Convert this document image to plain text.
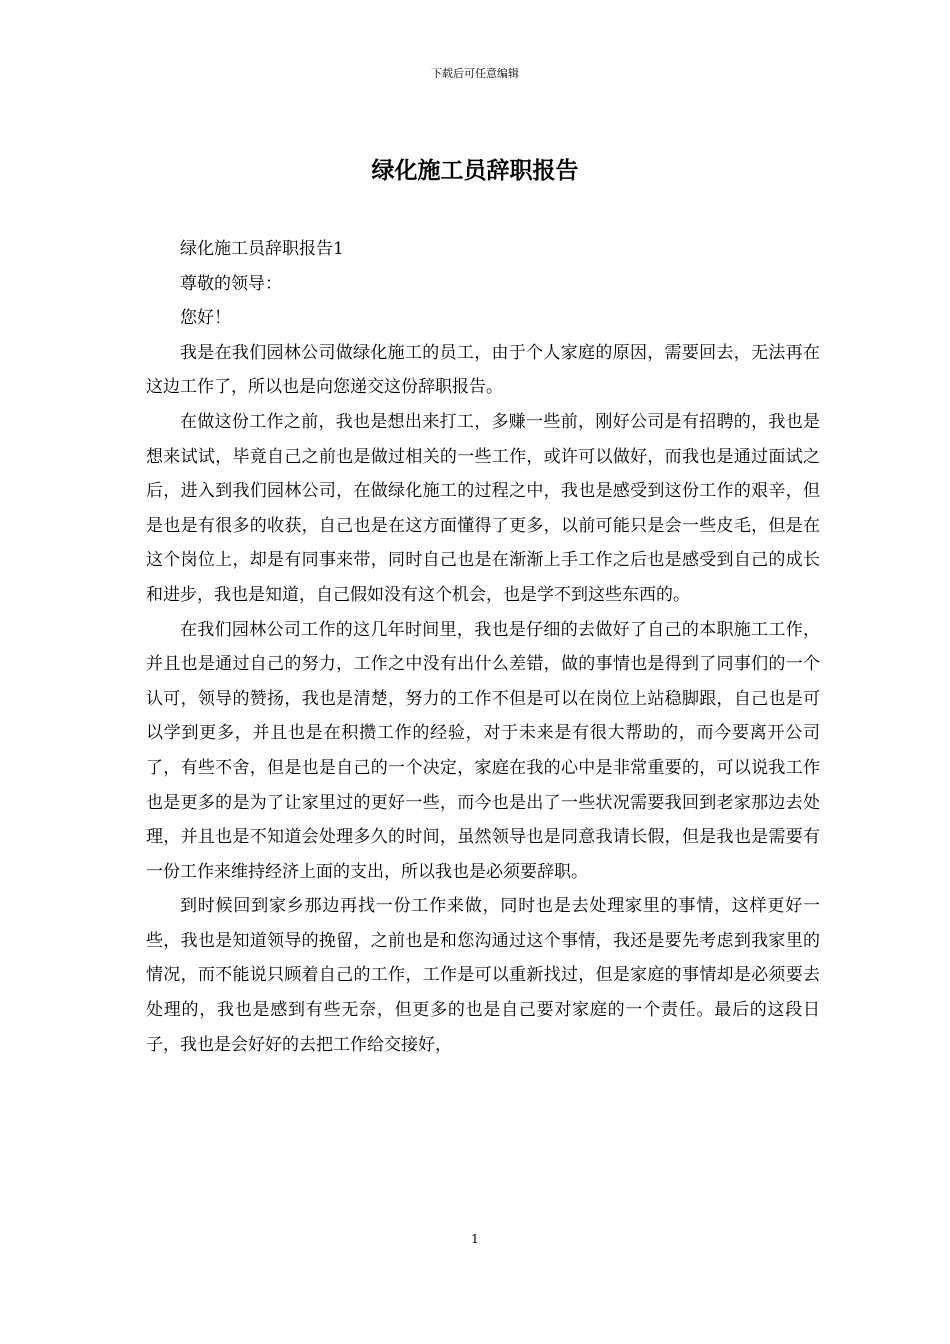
下载后可任意编辑
绿化施工员辞职报告

绿化施工员辞职报告1

尊敬的领导：

您好！

我是在我们园林公司做绿化施工的员工，由于个人家庭的原因，需要回去，无法再在这边工作了，所以也是向您递交这份辞职报告。

在做这份工作之前，我也是想出来打工，多赚一些前，刚好公司是有招聘的，我也是想来试试，毕竟自己之前也是做过相关的一些工作，或许可以做好，而我也是通过面试之后，进入到我们园林公司，在做绿化施工的过程之中，我也是感受到这份工作的艰辛，但是也是有很多的收获，自己也是在这方面懂得了更多，以前可能只是会一些皮毛，但是在这个岗位上，却是有同事来带，同时自己也是在渐渐上手工作之后也是感受到自己的成长和进步，我也是知道，自己假如没有这个机会，也是学不到这些东西的。

在我们园林公司工作的这几年时间里，我也是仔细的去做好了自己的本职施工工作，并且也是通过自己的努力，工作之中没有出什么差错，做的事情也是得到了同事们的一个认可，领导的赞扬，我也是清楚，努力的工作不但是可以在岗位上站稳脚跟，自己也是可以学到更多，并且也是在积攒工作的经验，对于未来是有很大帮助的，而今要离开公司了，有些不舍，但是也是自己的一个决定，家庭在我的心中是非常重要的，可以说我工作也是更多的是为了让家里过的更好一些，而今也是出了一些状况需要我回到老家那边去处理，并且也是不知道会处理多久的时间，虽然领导也是同意我请长假，但是我也是需要有一份工作来维持经济上面的支出，所以我也是必须要辞职。

到时候回到家乡那边再找一份工作来做，同时也是去处理家里的事情，这样更好一些，我也是知道领导的挽留，之前也是和您沟通过这个事情，我还是要先考虑到我家里的情况，而不能说只顾着自己的工作，工作是可以重新找过，但是家庭的事情却是必须要去处理的，我也是感到有些无奈，但更多的也是自己要对家庭的一个责任。最后的这段日子，我也是会好好的去把工作给交接好，

1
